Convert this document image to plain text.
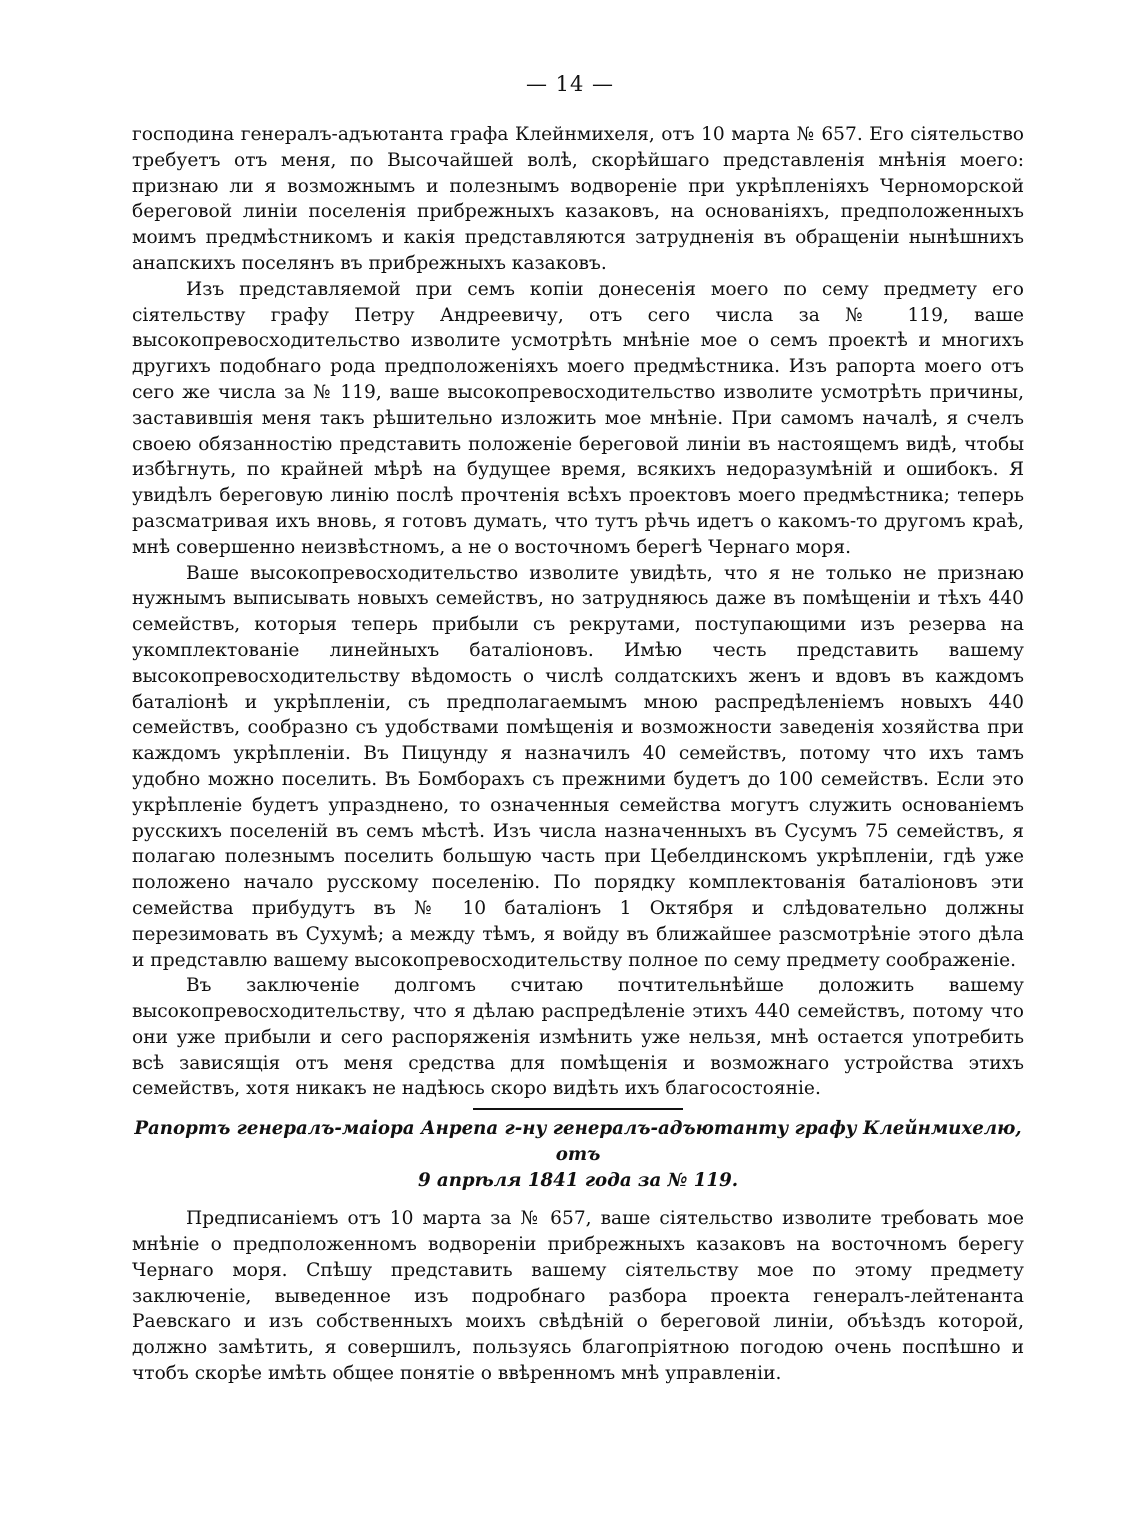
— 14 —

господина генералъ-адъютанта графа Клейнмихеля, отъ 10 марта № 657. Его сіятельство требуетъ отъ меня, по Высочайшей волѣ, скорѣйшаго представленія мнѣнія моего: признаю ли я возможнымъ и полезнымъ водвореніе при укрѣпленіяхъ Черноморской береговой линіи поселенія прибрежныхъ казаковъ, на основаніяхъ, предположенныхъ моимъ предмѣстникомъ и какія представляются затрудненія въ обращеніи нынѣшнихъ анапскихъ поселянъ въ прибрежныхъ казаковъ.

Изъ представляемой при семъ копіи донесенія моего по сему предмету его сіятельству графу Петру Андреевичу, отъ сего числа за № 119, ваше высокопревосходительство изволите усмотрѣть мнѣніе мое о семъ проектѣ и многихъ другихъ подобнаго рода предположеніяхъ моего предмѣстника. Изъ рапорта моего отъ сего же числа за № 119, ваше высокопревосходительство изволите усмотрѣть причины, заставившія меня такъ рѣшительно изложить мое мнѣніе. При самомъ началѣ, я счелъ своею обязанностію представить положеніе береговой линіи въ настоящемъ видѣ, чтобы избѣгнуть, по крайней мѣрѣ на будущее время, всякихъ недоразумѣній и ошибокъ. Я увидѣлъ береговую линію послѣ прочтенія всѣхъ проектовъ моего предмѣстника; теперь разсматривая ихъ вновь, я готовъ думать, что тутъ рѣчь идетъ о какомъ-то другомъ краѣ, мнѣ совершенно неизвѣстномъ, а не о восточномъ берегѣ Чернаго моря.

Ваше высокопревосходительство изволите увидѣть, что я не только не признаю нужнымъ выписывать новыхъ семействъ, но затрудняюсь даже въ помѣщеніи и тѣхъ 440 семействъ, которыя теперь прибыли съ рекрутами, поступающими изъ резерва на укомплектованіе линейныхъ баталіоновъ. Имѣю честь представить вашему высокопревосходительству вѣдомость о числѣ солдатскихъ женъ и вдовъ въ каждомъ баталіонѣ и укрѣпленіи, съ предполагаемымъ мною распредѣленіемъ новыхъ 440 семействъ, сообразно съ удобствами помѣщенія и возможности заведенія хозяйства при каждомъ укрѣпленіи. Въ Пицунду я назначилъ 40 семействъ, потому что ихъ тамъ удобно можно поселить. Въ Бомборахъ съ прежними будетъ до 100 семействъ. Если это укрѣпленіе будетъ упразднено, то означенныя семейства могутъ служить основаніемъ русскихъ поселеній въ семъ мѣстѣ. Изъ числа назначенныхъ въ Сусумъ 75 семействъ, я полагаю полезнымъ поселить большую часть при Цебелдинскомъ укрѣпленіи, гдѣ уже положено начало русскому поселенію. По порядку комплектованія баталіоновъ эти семейства прибудутъ въ № 10 баталіонъ 1 Октября и слѣдовательно должны перезимовать въ Сухумѣ; а между тѣмъ, я войду въ ближайшее разсмотрѣніе этого дѣла и представлю вашему высокопревосходительству полное по сему предмету соображеніе.

Въ заключеніе долгомъ считаю почтительнѣйше доложить вашему высокопревосходительству, что я дѣлаю распредѣленіе этихъ 440 семействъ, потому что они уже прибыли и сего распоряженія измѣнить уже нельзя, мнѣ остается употребить всѣ зависящія отъ меня средства для помѣщенія и возможнаго устройства этихъ семействъ, хотя никакъ не надѣюсь скоро видѣть ихъ благосостояніе.

Рапортъ генералъ-маіора Анрепа г-ну генералъ-адъютанту графу Клейнмихелю, отъ
9 апрѣля 1841 года за № 119.

Предписаніемъ отъ 10 марта за № 657, ваше сіятельство изволите требовать мое мнѣніе о предположенномъ водвореніи прибрежныхъ казаковъ на восточномъ берегу Чернаго моря. Спѣшу представить вашему сіятельству мое по этому предмету заключеніе, выведенное изъ подробнаго разбора проекта генералъ-лейтенанта Раевскаго и изъ собственныхъ моихъ свѣдѣній о береговой линіи, объѣздъ которой, должно замѣтить, я совершилъ, пользуясь благопріятною погодою очень поспѣшно и чтобъ скорѣе имѣть общее понятіе о ввѣренномъ мнѣ управленіи.
